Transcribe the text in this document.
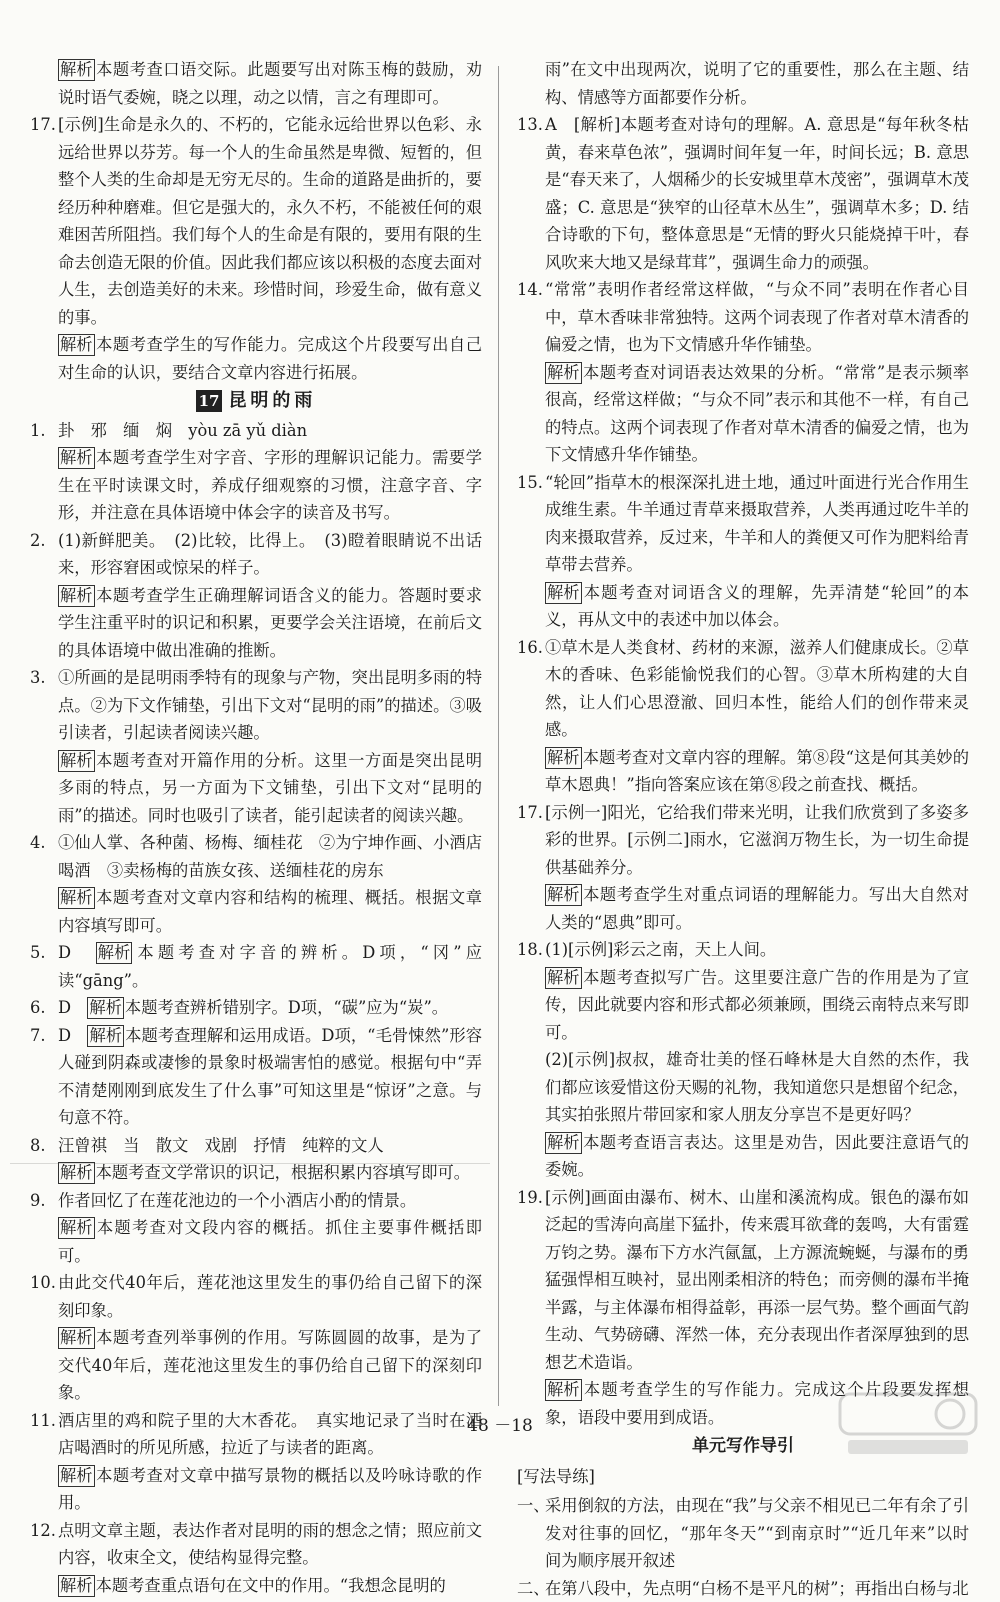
解析 本题考查口语交际。此题要写出对陈玉梅的鼓励，劝说时语气委婉，晓之以理，动之以情，言之有理即可。
17. [示例]生命是永久的、不朽的，它能永远给世界以色彩、永远给世界以芬芳。每一个人的生命虽然是卑微、短暂的，但整个人类的生命却是无穷无尽的。生命的道路是曲折的，要经历种种磨难。但它是强大的，永久不朽，不能被任何的艰难困苦所阻挡。我们每个人的生命是有限的，要用有限的生命去创造无限的价值。因此我们都应该以积极的态度去面对人生，去创造美好的未来。珍惜时间，珍爱生命，做有意义的事。
解析 本题考查学生的写作能力。完成这个片段要写出自己对生命的认识，要结合文章内容进行拓展。
17 昆明的雨
1. 卦　邪　缅　焖　yòu zā yǔ diàn
解析 本题考查学生对字音、字形的理解识记能力。需要学生在平时读课文时，养成仔细观察的习惯，注意字音、字形，并注意在具体语境中体会字的读音及书写。
2. (1)新鲜肥美。　(2)比较，比得上。　(3)瞪着眼睛说不出话来，形容窘困或惊呆的样子。
解析 本题考查学生正确理解词语含义的能力。答题时要求学生注重平时的识记和积累，更要学会关注语境，在前后文的具体语境中做出准确的推断。
3. ①所画的是昆明雨季特有的现象与产物，突出昆明多雨的特点。②为下文作铺垫，引出下文对“昆明的雨”的描述。③吸引读者，引起读者阅读兴趣。
解析 本题考查对开篇作用的分析。这里一方面是突出昆明多雨的特点，另一方面为下文铺垫，引出下文对“昆明的雨”的描述。同时也吸引了读者，能引起读者的阅读兴趣。
4. ①仙人掌、各种菌、杨梅、缅桂花　②为宁坤作画、小酒店喝酒　③卖杨梅的苗族女孩、送缅桂花的房东
解析 本题考查对文章内容和结构的梳理、概括。根据文章内容填写即可。
5. D　解析 本题考查对字音的辨析。D项，“冈”应读“gāng”。
6. D　解析 本题考查辨析错别字。D项，“碳”应为“炭”。
7. D　解析 本题考查理解和运用成语。D项，“毛骨悚然”形容人碰到阴森或凄惨的景象时极端害怕的感觉。根据句中“弄不清楚刚刚到底发生了什么事”可知这里是“惊讶”之意。与句意不符。
8. 汪曾祺　当　散文　戏剧　抒情　纯粹的文人
解析 本题考查文学常识的识记，根据积累内容填写即可。
9. 作者回忆了在莲花池边的一个小酒店小酌的情景。
解析 本题考查对文段内容的概括。抓住主要事件概括即可。
10. 由此交代40年后，莲花池这里发生的事仍给自己留下的深刻印象。
解析 本题考查列举事例的作用。写陈圆圆的故事，是为了交代40年后，莲花池这里发生的事仍给自己留下的深刻印象。
11. 酒店里的鸡和院子里的大木香花。　真实地记录了当时在酒店喝酒时的所见所感，拉近了与读者的距离。
解析 本题考查对文章中描写景物的概括以及吟咏诗歌的作用。
12. 点明文章主题，表达作者对昆明的雨的想念之情；照应前文内容，收束全文，使结构显得完整。
解析 本题考查重点语句在文中的作用。“我想念昆明的
雨”在文中出现两次，说明了它的重要性，那么在主题、结构、情感等方面都要作分析。
13. A　[解析]本题考查对诗句的理解。A. 意思是“每年秋冬枯黄，春来草色浓”，强调时间年复一年，时间长远；B. 意思是“春天来了，人烟稀少的长安城里草木茂密”，强调草木茂盛；C. 意思是“狭窄的山径草木丛生”，强调草木多；D. 结合诗歌的下句，整体意思是“无情的野火只能烧掉干叶，春风吹来大地又是绿茸茸”，强调生命力的顽强。
14. “常常”表明作者经常这样做，“与众不同”表明在作者心目中，草木香味非常独特。这两个词表现了作者对草木清香的偏爱之情，也为下文情感升华作铺垫。
解析 本题考查对词语表达效果的分析。“常常”是表示频率很高，经常这样做；“与众不同”表示和其他不一样，有自己的特点。这两个词表现了作者对草木清香的偏爱之情，也为下文情感升华作铺垫。
15. “轮回”指草木的根深深扎进土地，通过叶面进行光合作用生成维生素。牛羊通过青草来摄取营养，人类再通过吃牛羊的肉来摄取营养，反过来，牛羊和人的粪便又可作为肥料给青草带去营养。
解析 本题考查对词语含义的理解，先弄清楚“轮回”的本义，再从文中的表述中加以体会。
16. ①草木是人类食材、药材的来源，滋养人们健康成长。②草木的香味、色彩能愉悦我们的心智。③草木所构建的大自然，让人们心思澄澈、回归本性，能给人们的创作带来灵感。
解析 本题考查对文章内容的理解。第⑧段“这是何其美妙的草木恩典！”指向答案应该在第⑧段之前查找、概括。
17. [示例一]阳光，它给我们带来光明，让我们欣赏到了多姿多彩的世界。[示例二]雨水，它滋润万物生长，为一切生命提供基础养分。
解析 本题考查学生对重点词语的理解能力。写出大自然对人类的“恩典”即可。
18. (1)[示例]彩云之南，天上人间。
解析 本题考查拟写广告。这里要注意广告的作用是为了宣传，因此就要内容和形式都必须兼顾，围绕云南特点来写即可。
(2)[示例]叔叔，雄奇壮美的怪石峰林是大自然的杰作，我们都应该爱惜这份天赐的礼物，我知道您只是想留个纪念，其实拍张照片带回家和家人朋友分享岂不是更好吗？
解析 本题考查语言表达。这里是劝告，因此要注意语气的委婉。
19. [示例]画面由瀑布、树木、山崖和溪流构成。银色的瀑布如泛起的雪涛向高崖下猛扑，传来震耳欲聋的轰鸣，大有雷霆万钧之势。瀑布下方水汽氤氲，上方源流蜿蜒，与瀑布的勇猛强悍相互映衬，显出刚柔相济的特色；而旁侧的瀑布半掩半露，与主体瀑布相得益彰，再添一层气势。整个画面气韵生动、气势磅礴、浑然一体，充分表现出作者深厚独到的思想艺术造诣。
解析 本题考查学生的写作能力。完成这个片段要发挥想象，语段中要用到成语。
单元写作导引
[写法导练]
一、
采用倒叙的方法，由现在“我”与父亲不相见已二年有余了引发对往事的回忆，“那年冬天”“到南京时”“近几年来”以时间为顺序展开叙述
二、
在第八段中，先点明“白杨不是平凡的树”；再指出白杨与北
48 －18
